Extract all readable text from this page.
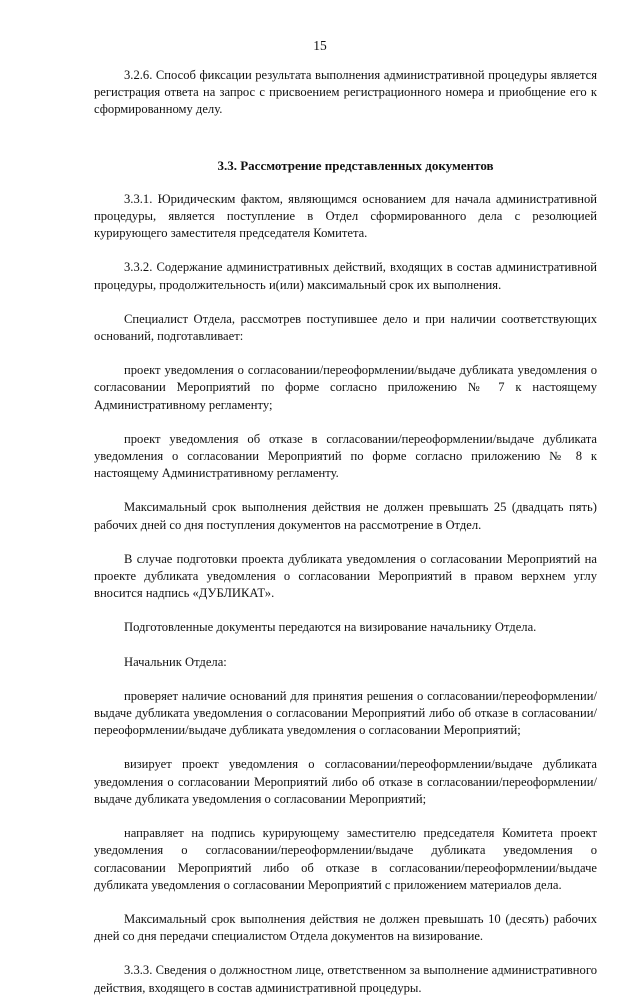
15

3.2.6. Способ фиксации результата выполнения административной процедуры является регистрация ответа на запрос с присвоением регистрационного номера и приобщение его к сформированному делу.

3.3. Рассмотрение представленных документов

3.3.1. Юридическим фактом, являющимся основанием для начала административной процедуры, является поступление в Отдел сформированного дела с резолюцией курирующего заместителя председателя Комитета.

3.3.2. Содержание административных действий, входящих в состав административной процедуры, продолжительность и(или) максимальный срок их выполнения.

Специалист Отдела, рассмотрев поступившее дело и при наличии соответствующих оснований, подготавливает:

проект уведомления о согласовании/переоформлении/выдаче дубликата уведомления о согласовании Мероприятий по форме согласно приложению № 7 к настоящему Административному регламенту;

проект уведомления об отказе в согласовании/переоформлении/выдаче дубликата уведомления о согласовании Мероприятий по форме согласно приложению № 8 к настоящему Административному регламенту.

Максимальный срок выполнения действия не должен превышать 25 (двадцать пять) рабочих дней со дня поступления документов на рассмотрение в Отдел.

В случае подготовки проекта дубликата уведомления о согласовании Мероприятий на проекте дубликата уведомления о согласовании Мероприятий в правом верхнем углу вносится надпись «ДУБЛИКАТ».

Подготовленные документы передаются на визирование начальнику Отдела.

Начальник Отдела:

проверяет наличие оснований для принятия решения о согласовании/переоформлении/выдаче дубликата уведомления о согласовании Мероприятий либо об отказе в согласовании/переоформлении/выдаче дубликата уведомления о согласовании Мероприятий;

визирует проект уведомления о согласовании/переоформлении/выдаче дубликата уведомления о согласовании Мероприятий либо об отказе в согласовании/переоформлении/выдаче дубликата уведомления о согласовании Мероприятий;

направляет на подпись курирующему заместителю председателя Комитета проект уведомления о согласовании/переоформлении/выдаче дубликата уведомления о согласовании Мероприятий либо об отказе в согласовании/переоформлении/выдаче дубликата уведомления о согласовании Мероприятий с приложением материалов дела.

Максимальный срок выполнения действия не должен превышать 10 (десять) рабочих дней со дня передачи специалистом Отдела документов на визирование.

3.3.3. Сведения о должностном лице, ответственном за выполнение административного действия, входящего в состав административной процедуры.
